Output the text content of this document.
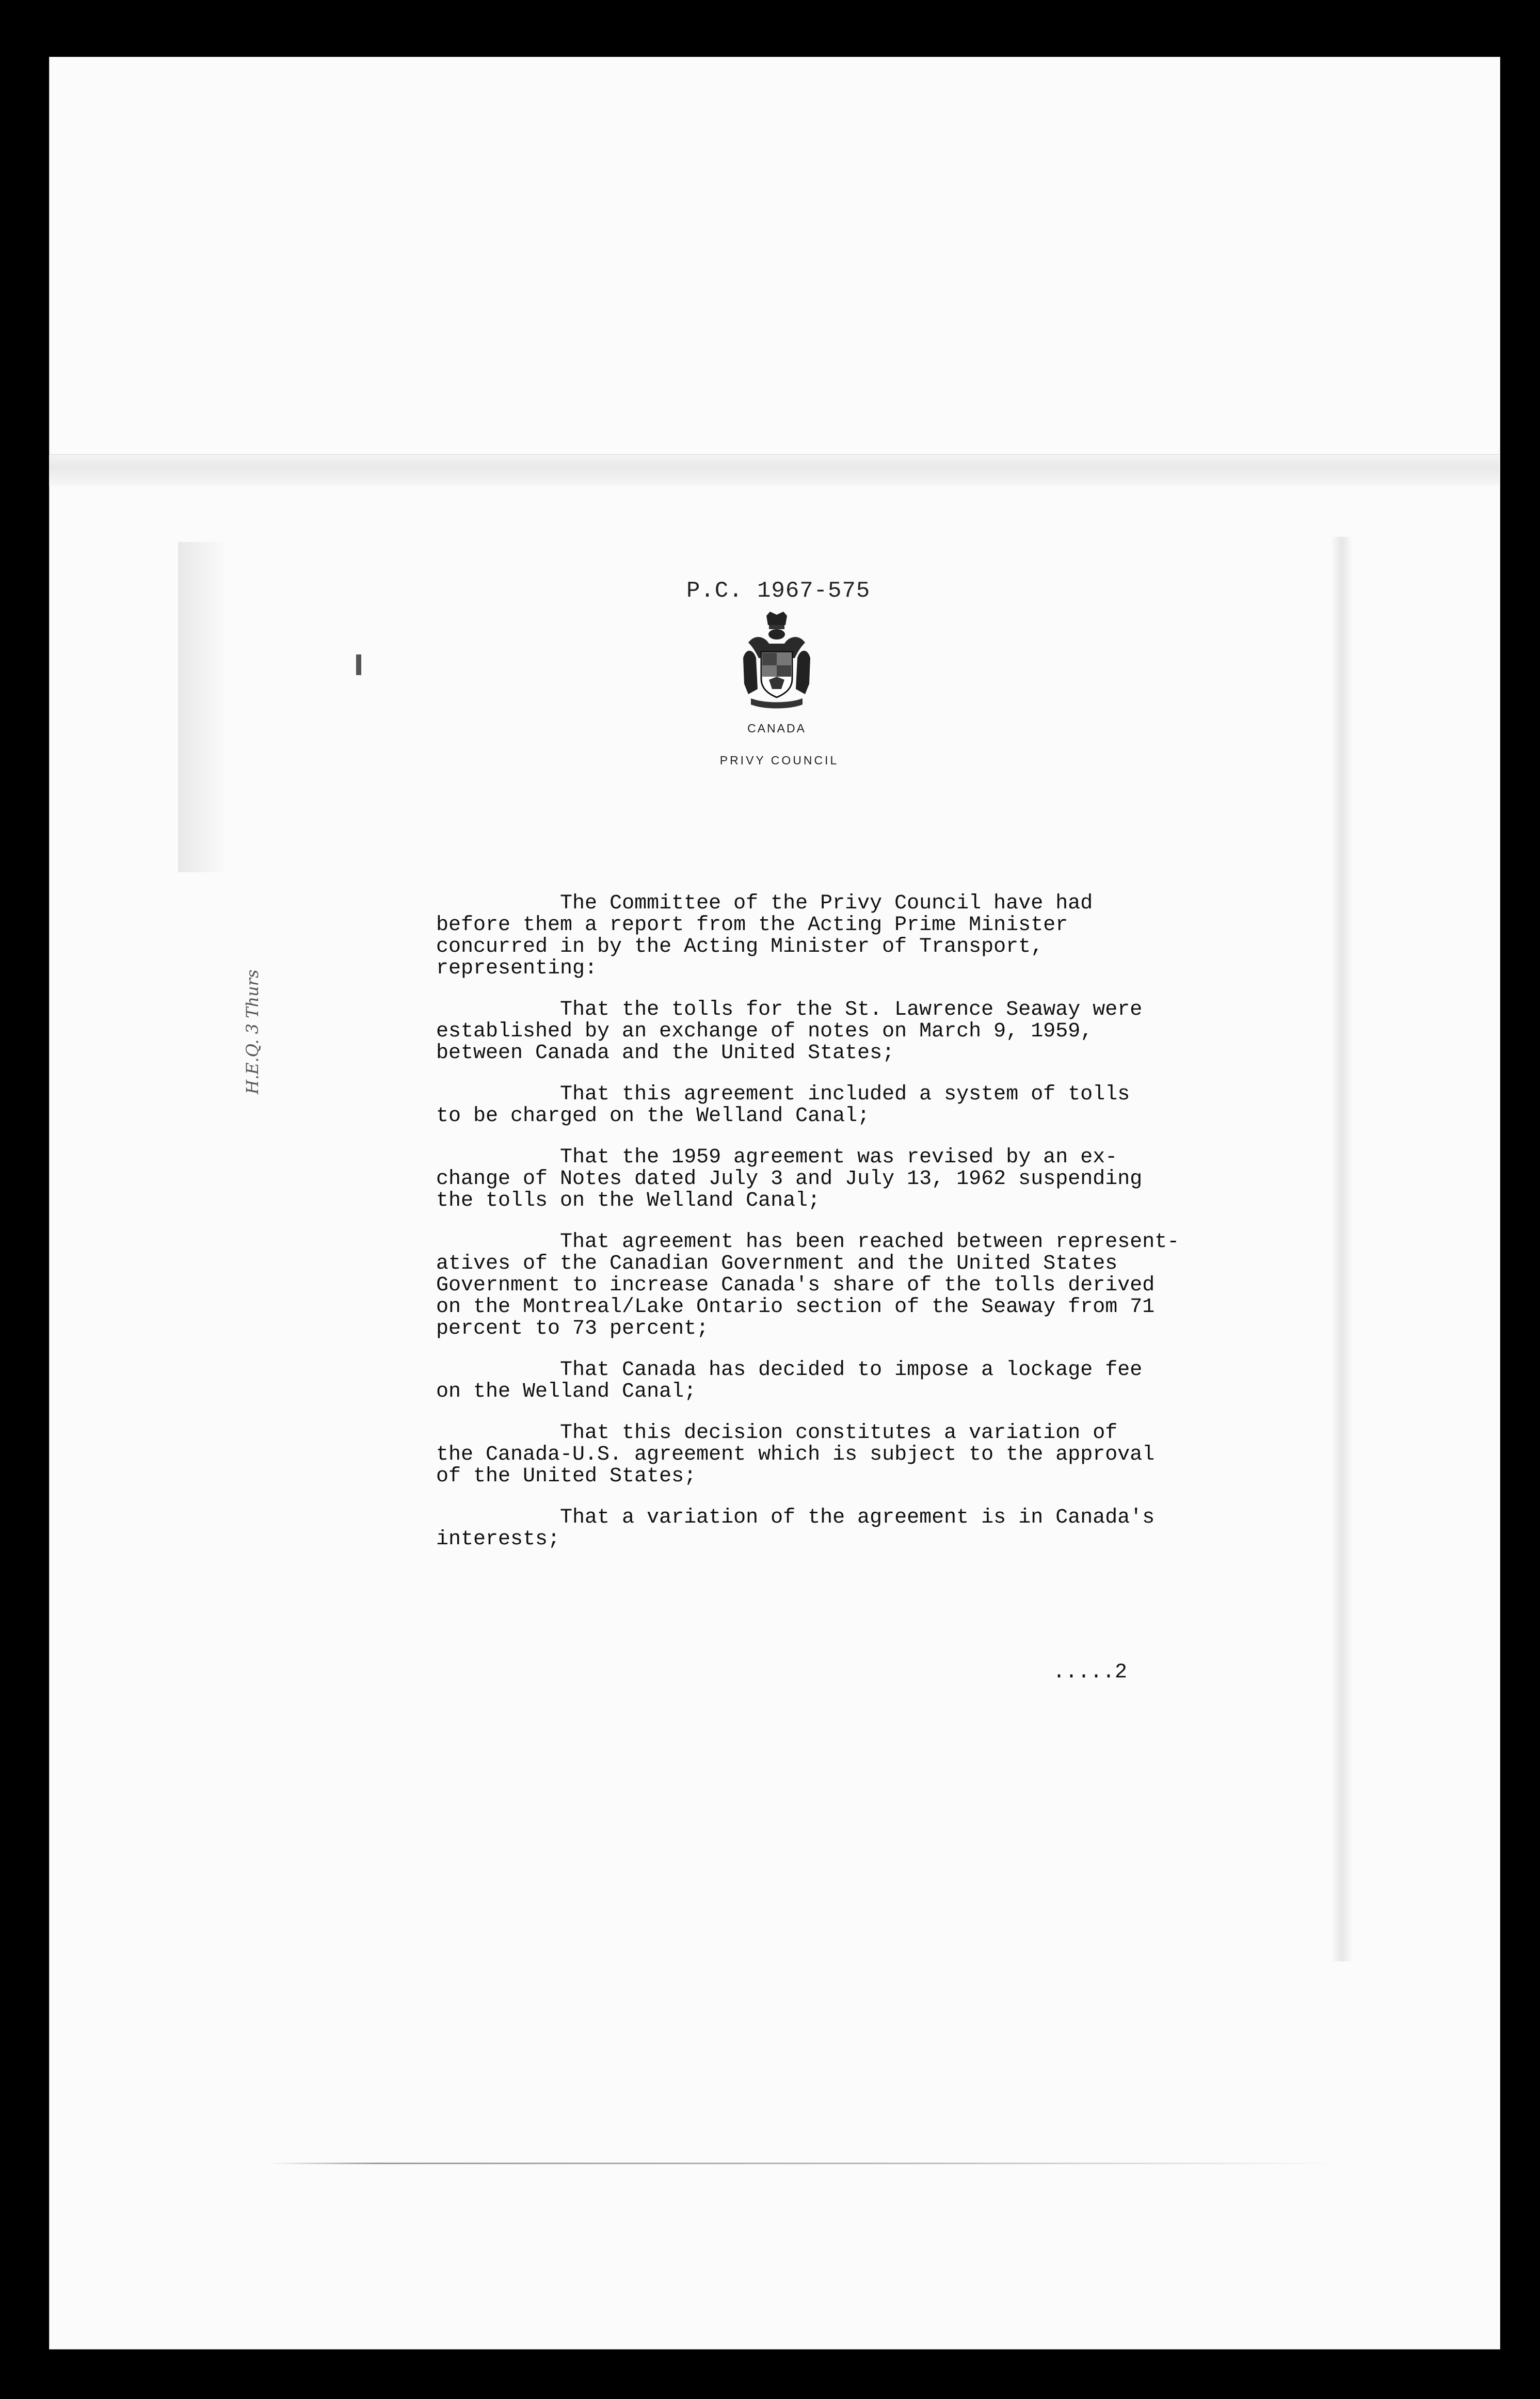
P.C. 1967-575
CANADA
PRIVY COUNCIL

The Committee of the Privy Council have had
before them a report from the Acting Prime Minister
concurred in by the Acting Minister of Transport,
representing:

That the tolls for the St. Lawrence Seaway were
established by an exchange of notes on March 9, 1959,
between Canada and the United States;

That this agreement included a system of tolls
to be charged on the Welland Canal;

That the 1959 agreement was revised by an ex-
change of Notes dated July 3 and July 13, 1962 suspending
the tolls on the Welland Canal;

That agreement has been reached between represent-
atives of the Canadian Government and the United States
Government to increase Canada's share of the tolls derived
on the Montreal/Lake Ontario section of the Seaway from 71
percent to 73 percent;

That Canada has decided to impose a lockage fee
on the Welland Canal;

That this decision constitutes a variation of
the Canada-U.S. agreement which is subject to the approval
of the United States;

That a variation of the agreement is in Canada's
interests;

.....2
H.E.Q. 3 Thurs
